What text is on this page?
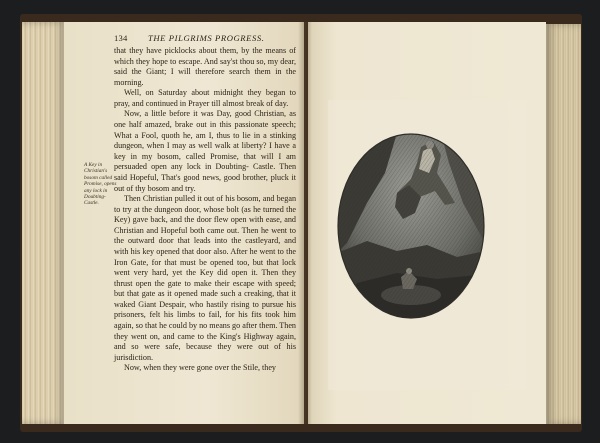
134 THE PILGRIMS PROGRESS.
A Key in
Christian's
bosom called
Promise, opens
any lock in
Doubting-
Castle.

that they have picklocks about them, by the means of which they hope to escape. And say'st thou so, my dear, said the Giant; I will therefore search them in the morning.

Well, on Saturday about midnight they began to pray, and continued in Prayer till almost break of day.

Now, a little before it was Day, good Christian, as one half amazed, brake out in this passionate speech; What a Fool, quoth he, am I, thus to lie in a stinking dungeon, when I may as well walk at liberty? I have a key in my bosom, called Promise, that will I am persuaded open any lock in Doubting- Castle. Then said Hopeful, That's good news, good brother, pluck it out of thy bosom and try.

Then Christian pulled it out of his bosom, and began to try at the dungeon door, whose bolt (as he turned the Key) gave back, and the door flew open with ease, and Christian and Hopeful both came out. Then he went to the outward door that leads into the castleyard, and with his key opened that door also. After he went to the Iron Gate, for that must be opened too, but that lock went very hard, yet the Key did open it. Then they thrust open the gate to make their escape with speed; but that gate as it opened made such a creaking, that it waked Giant Despair, who hastily rising to pursue his prisoners, felt his limbs to fail, for his fits took him again, so that he could by no means go after them. Then they went on, and came to the King's Highway again, and so were safe, because they were out of his jurisdiction.

Now, when they were gone over the Stile, they
